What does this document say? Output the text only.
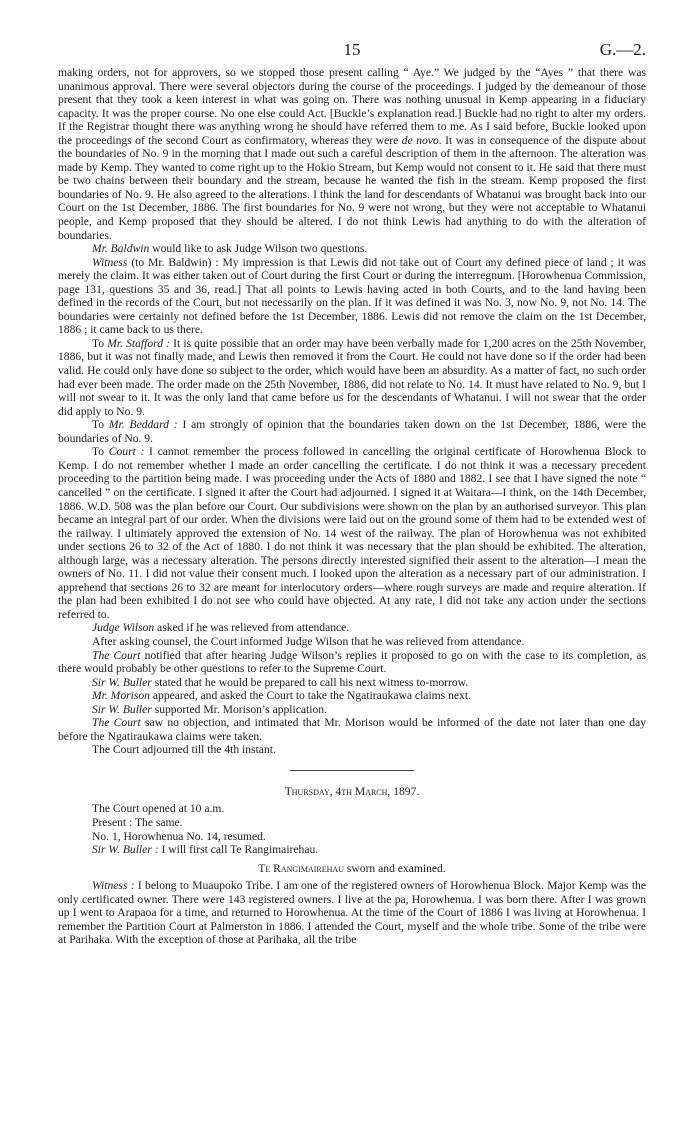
15	G.—2.

making orders, not for approvers, so we stopped those present calling “ Aye.” We judged by the “Ayes ” that there was unanimous approval. There were several objectors during the course of the proceedings. I judged by the demeanour of those present that they took a keen interest in what was going on. There was nothing unusual in Kemp appearing in a fiduciary capacity. It was the proper course. No one else could Act. [Buckle’s explanation read.] Buckle had no right to alter my orders. If the Registrar thought there was anything wrong he should have referred them to me. As I said before, Buckle looked upon the proceedings of the second Court as confirmatory, whereas they were de novo. It was in consequence of the dispute about the boundaries of No. 9 in the morning that I made out such a careful description of them in the afternoon. The alteration was made by Kemp. They wanted to come right up to the Hokio Stream, but Kemp would not consent to it. He said that there must be two chains between their boundary and the stream, because he wanted the fish in the stream. Kemp proposed the first boundaries of No. 9. He also agreed to the alterations. I think the land for descendants of Whatanui was brought back into our Court on the 1st December, 1886. The first boundaries for No. 9 were not wrong, but they were not acceptable to Whatanui people, and Kemp proposed that they should be altered. I do not think Lewis had anything to do with the alteration of boundaries.

Mr. Baldwin would like to ask Judge Wilson two questions.

Witness (to Mr. Baldwin) : My impression is that Lewis did not take out of Court any defined piece of land ; it was merely the claim. It was either taken out of Court during the first Court or during the interregnum. [Horowhenua Commission, page 131, questions 35 and 36, read.] That all points to Lewis having acted in both Courts, and to the land having been defined in the records of the Court, but not necessarily on the plan. If it was defined it was No. 3, now No. 9, not No. 14. The boundaries were certainly not defined before the 1st December, 1886. Lewis did not remove the claim on the 1st December, 1886 ; it came back to us there.

To Mr. Stafford : It is quite possible that an order may have been verbally made for 1,200 acres on the 25th November, 1886, but it was not finally made, and Lewis then removed it from the Court. He could not have done so if the order had been valid. He could only have done so subject to the order, which would have been an absurdity. As a matter of fact, no such order had ever been made. The order made on the 25th November, 1886, did not relate to No. 14. It must have related to No. 9, but I will not swear to it. It was the only land that came before us for the descendants of Whatanui. I will not swear that the order did apply to No. 9.

To Mr. Beddard : I am strongly of opinion that the boundaries taken down on the 1st December, 1886, were the boundaries of No. 9.

To Court : I cannot remember the process followed in cancelling the original certificate of Horowhenua Block to Kemp. I do not remember whether I made an order cancelling the certificate. I do not think it was a necessary precedent proceeding to the partition being made. I was proceeding under the Acts of 1880 and 1882. I see that I have signed the note “ cancelled ” on the certificate. I signed it after the Court had adjourned. I signed it at Waitara—I think, on the 14th December, 1886. W.D. 508 was the plan before our Court. Our subdivisions were shown on the plan by an authorised surveyor. This plan became an integral part of our order. When the divisions were laid out on the ground some of them had to be extended west of the railway. I ultimately approved the extension of No. 14 west of the railway. The plan of Horowhenua was not exhibited under sections 26 to 32 of the Act of 1880. I do not think it was necessary that the plan should be exhibited. The alteration, although large, was a necessary alteration. The persons directly interested signified their assent to the alteration—I mean the owners of No. 11. I did not value their consent much. I looked upon the alteration as a necessary part of our administration. I apprehend that sections 26 to 32 are meant for interlocutory orders—where rough surveys are made and require alteration. If the plan had been exhibited I do not see who could have objected. At any rate, I did not take any action under the sections referred to.

Judge Wilson asked if he was relieved from attendance.

After asking counsel, the Court informed Judge Wilson that he was relieved from attendance.

The Court notified that after hearing Judge Wilson’s replies it proposed to go on with the case to its completion, as there would probably be other questions to refer to the Supreme Court.

Sir W. Buller stated that he would be prepared to call his next witness to-morrow.

Mr. Morison appeared, and asked the Court to take the Ngatiraukawa claims next.

Sir W. Buller supported Mr. Morison’s application.

The Court saw no objection, and intimated that Mr. Morison would be informed of the date not later than one day before the Ngatiraukawa claims were taken.

The Court adjourned till the 4th instant.

Thursday, 4th March, 1897.

The Court opened at 10 a.m.

Present : The same.

No. 1, Horowhenua No. 14, resumed.

Sir W. Buller : I will first call Te Rangimairehau.

Te Rangimairehau sworn and examined.

Witness : I belong to Muaupoko Tribe. I am one of the registered owners of Horowhenua Block. Major Kemp was the only certificated owner. There were 143 registered owners. I live at the pa, Horowhenua. I was born there. After I was grown up I went to Arapaoa for a time, and returned to Horowhenua. At the time of the Court of 1886 I was living at Horowhenua. I remember the Partition Court at Palmerston in 1886. I attended the Court, myself and the whole tribe. Some of the tribe were at Parihaka. With the exception of those at Parihaka, all the tribe
